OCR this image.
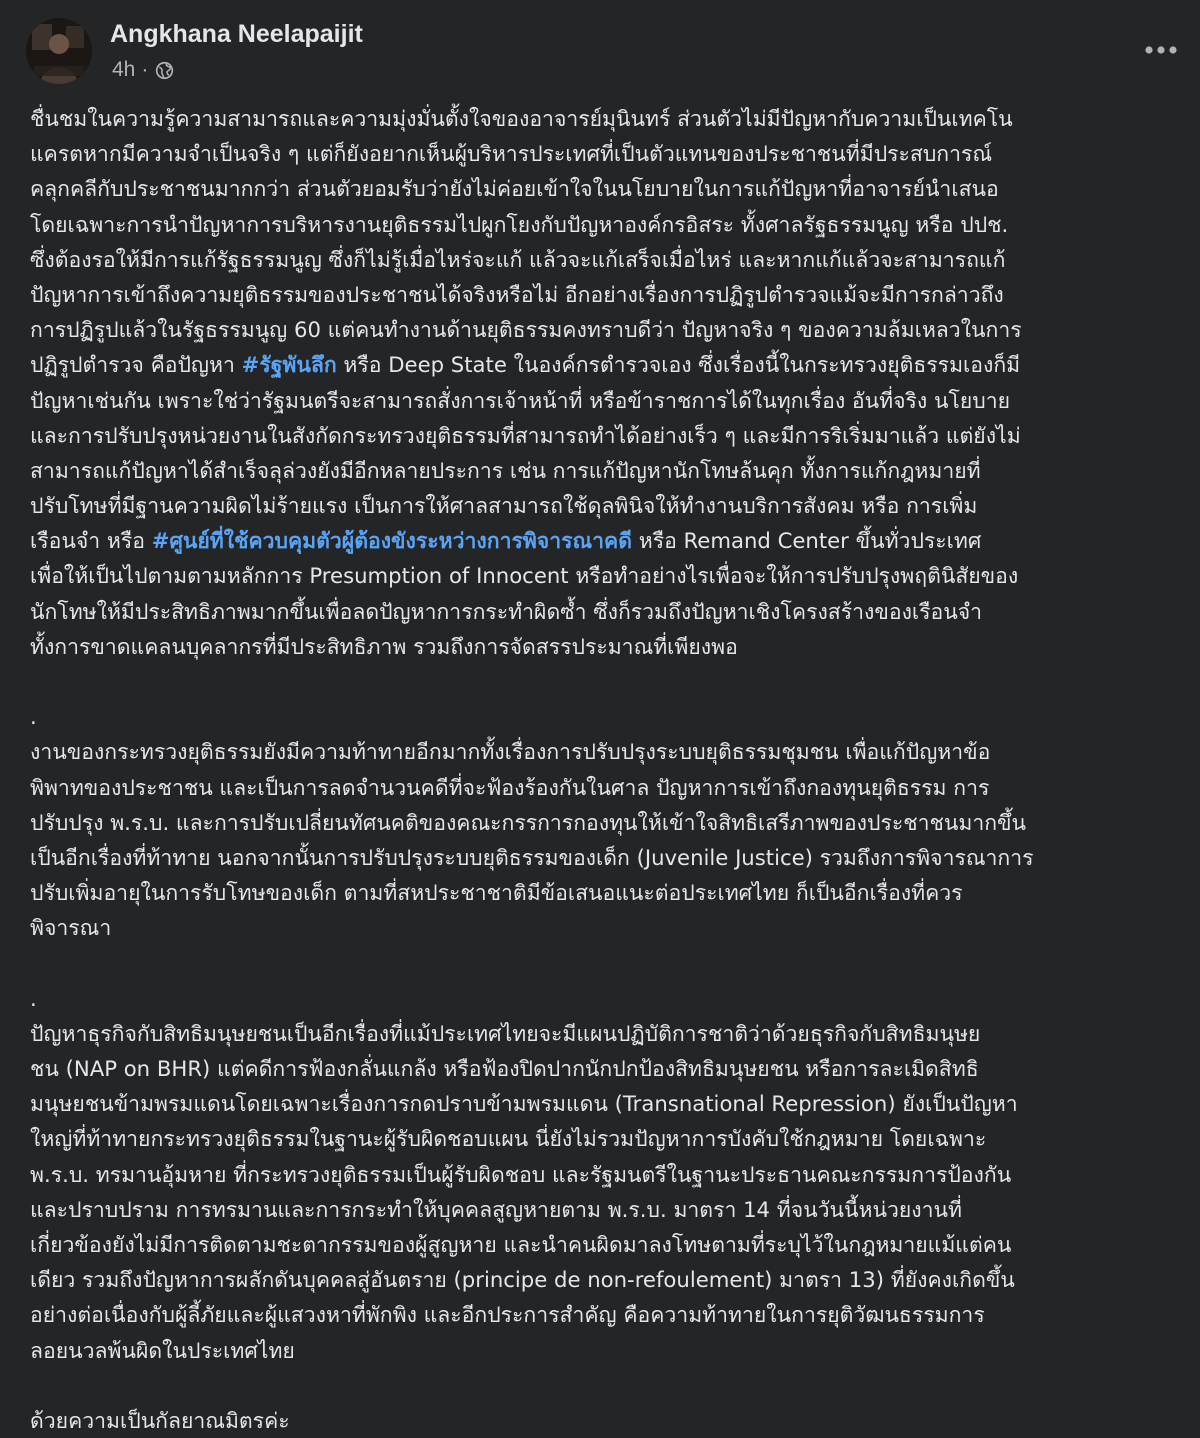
Angkhana Neelapaijit
4h ·
ชื่นชมในความรู้ความสามารถและความมุ่งมั่นตั้งใจของอาจารย์มุนินทร์ ส่วนตัวไม่มีปัญหากับความเป็นเทคโน
แครตหากมีความจำเป็นจริง ๆ แต่ก็ยังอยากเห็นผู้บริหารประเทศที่เป็นตัวแทนของประชาชนที่มีประสบการณ์
คลุกคลีกับประชาชนมากกว่า ส่วนตัวยอมรับว่ายังไม่ค่อยเข้าใจในนโยบายในการแก้ปัญหาที่อาจารย์นำเสนอ
โดยเฉพาะการนำปัญหาการบริหารงานยุติธรรมไปผูกโยงกับปัญหาองค์กรอิสระ ทั้งศาลรัฐธรรมนูญ หรือ ปปช.
ซึ่งต้องรอให้มีการแก้รัฐธรรมนูญ ซึ่งก็ไม่รู้เมื่อไหร่จะแก้ แล้วจะแก้เสร็จเมื่อไหร่ และหากแก้แล้วจะสามารถแก้
ปัญหาการเข้าถึงความยุติธรรมของประชาชนได้จริงหรือไม่ อีกอย่างเรื่องการปฏิรูปตำรวจแม้จะมีการกล่าวถึง
การปฏิรูปแล้วในรัฐธรรมนูญ 60 แต่คนทำงานด้านยุติธรรมคงทราบดีว่า ปัญหาจริง ๆ ของความล้มเหลวในการ
ปฏิรูปตำรวจ คือปัญหา #รัฐพันลึก หรือ Deep State ในองค์กรตำรวจเอง ซึ่งเรื่องนี้ในกระทรวงยุติธรรมเองก็มี
ปัญหาเช่นกัน เพราะใช่ว่ารัฐมนตรีจะสามารถสั่งการเจ้าหน้าที่ หรือข้าราชการได้ในทุกเรื่อง อันที่จริง นโยบาย
และการปรับปรุงหน่วยงานในสังกัดกระทรวงยุติธรรมที่สามารถทำได้อย่างเร็ว ๆ และมีการริเริ่มมาแล้ว แต่ยังไม่
สามารถแก้ปัญหาได้สำเร็จลุล่วงยังมีอีกหลายประการ เช่น การแก้ปัญหานักโทษล้นคุก ทั้งการแก้กฎหมายที่
ปรับโทษที่มีฐานความผิดไม่ร้ายแรง เป็นการให้ศาลสามารถใช้ดุลพินิจให้ทำงานบริการสังคม หรือ การเพิ่ม
เรือนจำ หรือ #ศูนย์ที่ใช้ควบคุมตัวผู้ต้องขังระหว่างการพิจารณาคดี หรือ Remand Center ขึ้นทั่วประเทศ
เพื่อให้เป็นไปตามตามหลักการ Presumption of Innocent หรือทำอย่างไรเพื่อจะให้การปรับปรุงพฤตินิสัยของ
นักโทษให้มีประสิทธิภาพมากขึ้นเพื่อลดปัญหาการกระทำผิดซ้ำ ซึ่งก็รวมถึงปัญหาเชิงโครงสร้างของเรือนจำ
ทั้งการขาดแคลนบุคลากรที่มีประสิทธิภาพ รวมถึงการจัดสรรประมาณที่เพียงพอ
.
งานของกระทรวงยุติธรรมยังมีความท้าทายอีกมากทั้งเรื่องการปรับปรุงระบบยุติธรรมชุมชน เพื่อแก้ปัญหาข้อ
พิพาทของประชาชน และเป็นการลดจำนวนคดีที่จะฟ้องร้องกันในศาล ปัญหาการเข้าถึงกองทุนยุติธรรม การ
ปรับปรุง พ.ร.บ. และการปรับเปลี่ยนทัศนคติของคณะกรรการกองทุนให้เข้าใจสิทธิเสรีภาพของประชาชนมากขึ้น
เป็นอีกเรื่องที่ท้าทาย นอกจากนั้นการปรับปรุงระบบยุติธรรมของเด็ก (Juvenile Justice) รวมถึงการพิจารณาการ
ปรับเพิ่มอายุในการรับโทษของเด็ก ตามที่สหประชาชาติมีข้อเสนอแนะต่อประเทศไทย ก็เป็นอีกเรื่องที่ควร
พิจารณา
.
ปัญหาธุรกิจกับสิทธิมนุษยชนเป็นอีกเรื่องที่แม้ประเทศไทยจะมีแผนปฏิบัติการชาติว่าด้วยธุรกิจกับสิทธิมนุษย
ชน (NAP on BHR) แต่คดีการฟ้องกลั่นแกล้ง หรือฟ้องปิดปากนักปกป้องสิทธิมนุษยชน หรือการละเมิดสิทธิ
มนุษยชนข้ามพรมแดนโดยเฉพาะเรื่องการกดปราบข้ามพรมแดน (Transnational Repression) ยังเป็นปัญหา
ใหญ่ที่ท้าทายกระทรวงยุติธรรมในฐานะผู้รับผิดชอบแผน นี่ยังไม่รวมปัญหาการบังคับใช้กฎหมาย โดยเฉพาะ
พ.ร.บ. ทรมานอุ้มหาย ที่กระทรวงยุติธรรมเป็นผู้รับผิดชอบ และรัฐมนตรีในฐานะประธานคณะกรรมการป้องกัน
และปราบปราม การทรมานและการกระทำให้บุคคลสูญหายตาม พ.ร.บ. มาตรา 14 ที่จนวันนี้หน่วยงานที่
เกี่ยวข้องยังไม่มีการติดตามชะตากรรมของผู้สูญหาย และนำคนผิดมาลงโทษตามที่ระบุไว้ในกฎหมายแม้แต่คน
เดียว รวมถึงปัญหาการผลักดันบุคคลสู่อันตราย (principe de non-refoulement) มาตรา 13) ที่ยังคงเกิดขึ้น
อย่างต่อเนื่องกับผู้ลี้ภัยและผู้แสวงหาที่พักพิง และอีกประการสำคัญ คือความท้าทายในการยุติวัฒนธรรมการ
ลอยนวลพ้นผิดในประเทศไทย
ด้วยความเป็นกัลยาณมิตรค่ะ
